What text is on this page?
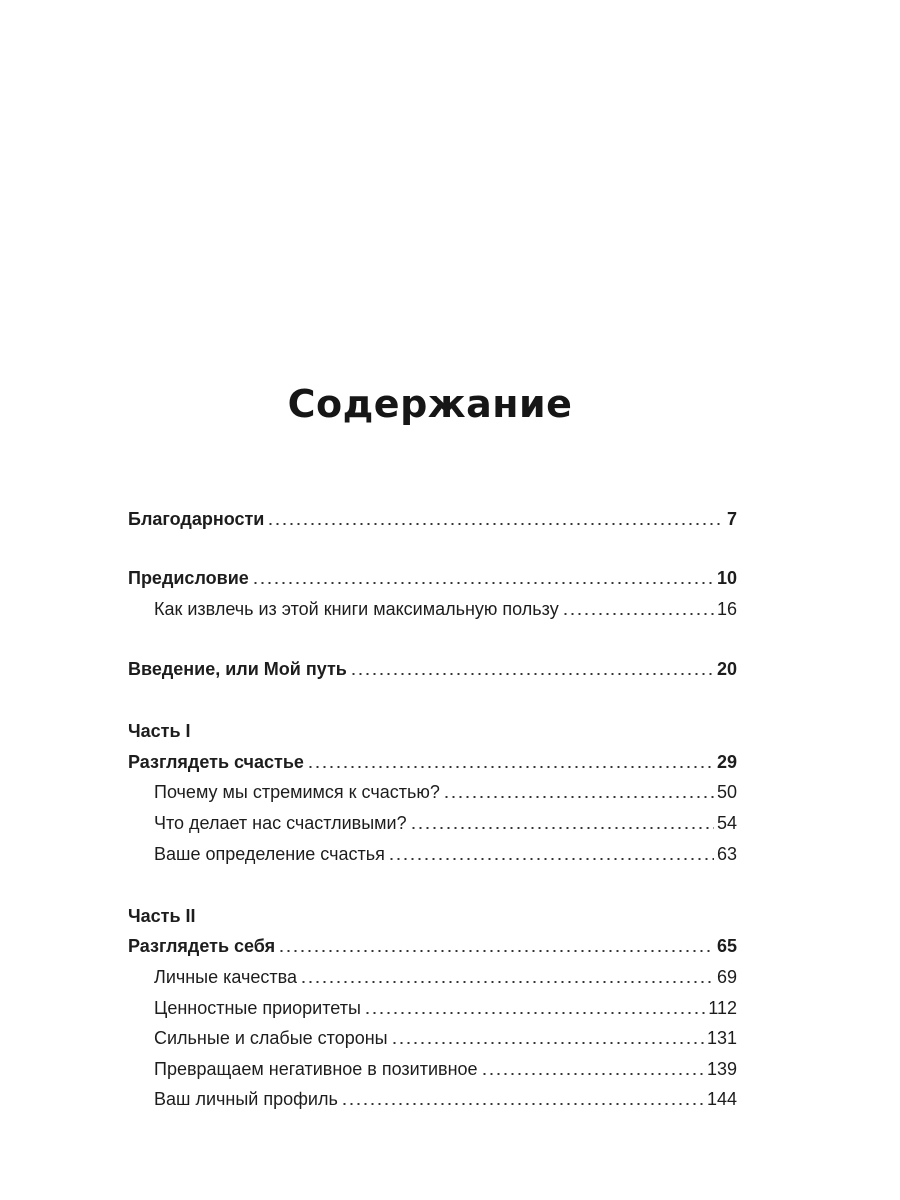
Содержание
Благодарности	7
Предисловие	10
Как извлечь из этой книги максимальную пользу	16
Введение, или Мой путь	20
Часть I
Разглядеть счастье	29
Почему мы стремимся к счастью?	50
Что делает нас счастливыми?	54
Ваше определение счастья	63
Часть II
Разглядеть себя	65
Личные качества	69
Ценностные приоритеты	112
Сильные и слабые стороны	131
Превращаем негативное в позитивное	139
Ваш личный профиль	144
